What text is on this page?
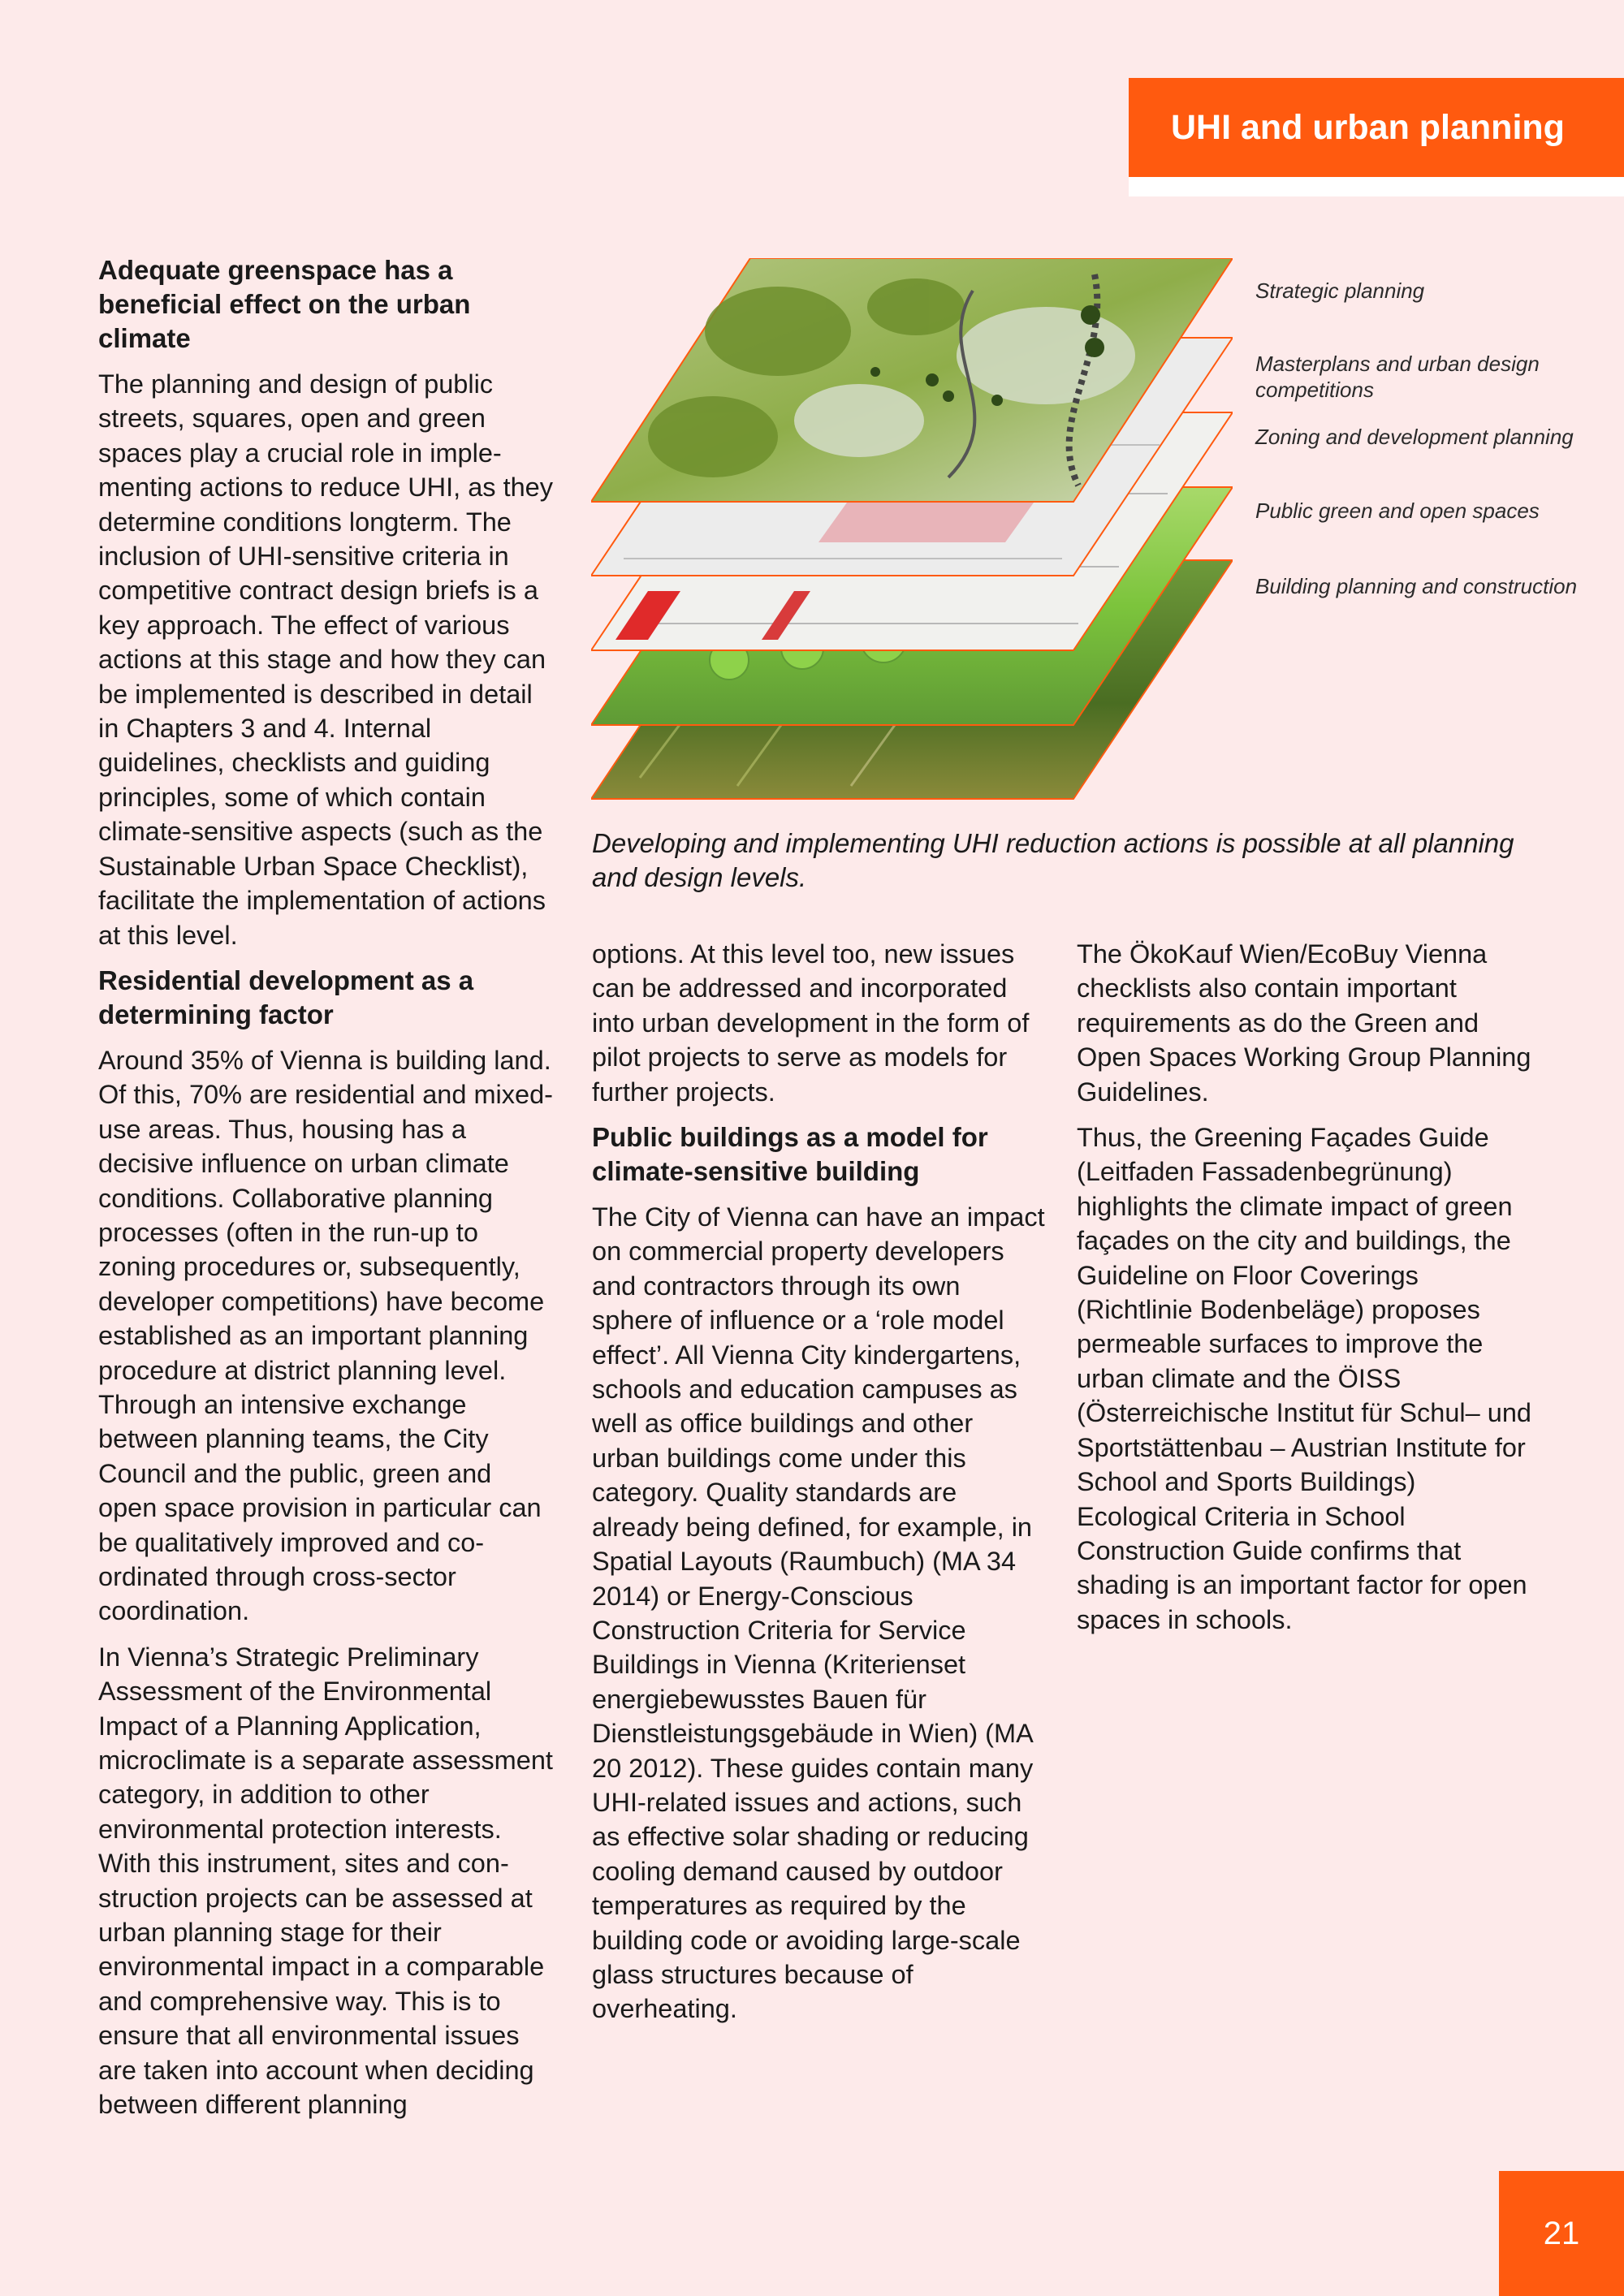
UHI and urban planning
Strategic planning
Masterplans and urban design competitions
Zoning and development planning
Public green and open spaces
Building planning and construction
Developing and implementing UHI reduction actions is possible at all planning and design levels.
Adequate greenspace has a beneficial effect on the urban climate

The planning and design of public streets, squares, open and green spaces play a crucial role in implementing actions to reduce UHI, as they determine conditions longterm. The inclusion of UHI-sensitive criteria in competitive contract design briefs is a key approach. The effect of various actions at this stage and how they can be implemented is described in detail in Chapters 3 and 4. Internal guidelines, checklists and guiding principles, some of which contain climate-sensitive aspects (such as the Sustainable Urban Space Checklist), facilitate the implementation of actions at this level.

Residential development as a determining factor

Around 35% of Vienna is building land. Of this, 70% are residential and mixed-use areas. Thus, housing has a decisive influence on urban climate conditions. Collaborative planning processes (often in the run-up to zoning procedures or, subsequently, developer competitions) have become established as an important planning procedure at district planning level. Through an intensive exchange between planning teams, the City Council and the public, green and open space provision in particular can be qualitatively improved and co-ordinated through cross-sector coordination.

In Vienna’s Strategic Preliminary Assessment of the Environmental Impact of a Planning Application, microclimate is a separate assessment category, in addition to other environmental protection interests. With this instrument, sites and construction projects can be assessed at urban planning stage for their environmental impact in a comparable and comprehensive way. This is to ensure that all environmental issues are taken into account when deciding between different planning

options. At this level too, new issues can be addressed and incorporated into urban development in the form of pilot projects to serve as models for further projects.

Public buildings as a model for climate-sensitive building

The City of Vienna can have an impact on commercial property developers and contractors through its own sphere of influence or a ‘role model effect’. All Vienna City kindergartens, schools and education campuses as well as office buildings and other urban buildings come under this category. Quality standards are already being defined, for example, in Spatial Layouts (Raumbuch) (MA 34 2014) or Energy-Conscious Construction Criteria for Service Buildings in Vienna (Kriterienset energiebewusstes Bauen für Dienstleistungsgebäude in Wien) (MA 20 2012). These guides contain many UHI-related issues and actions, such as effective solar shading or reducing cooling demand caused by outdoor temperatures as required by the building code or avoiding large-scale glass structures because of overheating.

The ÖkoKauf Wien/EcoBuy Vienna checklists also contain important requirements as do the Green and Open Spaces Working Group Planning Guidelines.

Thus, the Greening Façades Guide (Leitfaden Fassadenbegrünung) highlights the climate impact of green façades on the city and buildings, the Guideline on Floor Coverings (Richtlinie Bodenbeläge) proposes permeable surfaces to improve the urban climate and the ÖISS (Österreichische Institut für Schul– und Sportstättenbau – Austrian Institute for School and Sports Buildings) Ecological Criteria in School Construction Guide confirms that shading is an important factor for open spaces in schools.

21
